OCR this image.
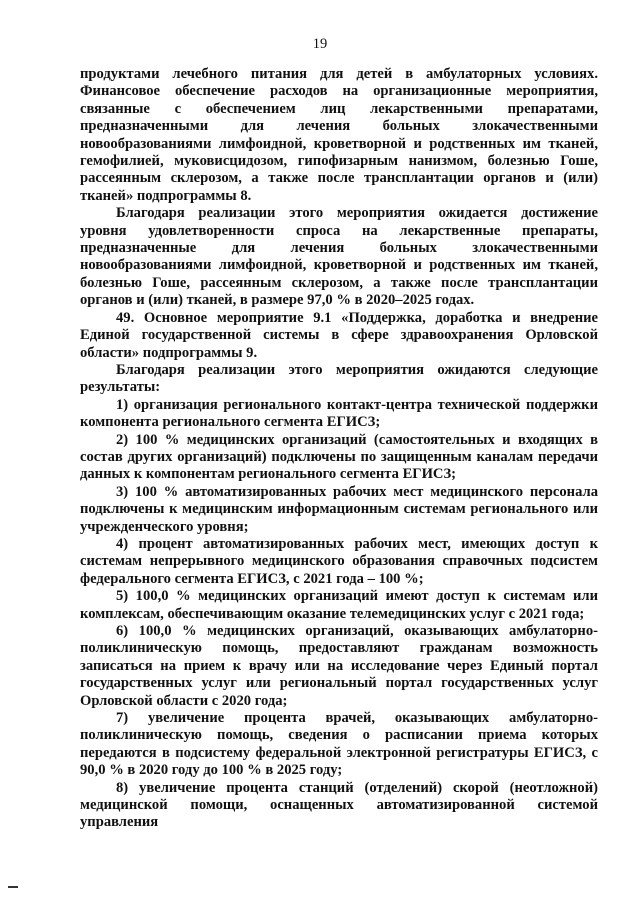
19

продуктами лечебного питания для детей в амбулаторных условиях. Финансовое обеспечение расходов на организационные мероприятия, связанные с обеспечением лиц лекарственными препаратами, предназначенными для лечения больных злокачественными новообразованиями лимфоидной, кроветворной и родственных им тканей, гемофилией, муковисцидозом, гипофизарным нанизмом, болезнью Гоше, рассеянным склерозом, а также после трансплантации органов и (или) тканей» подпрограммы 8.

Благодаря реализации этого мероприятия ожидается достижение уровня удовлетворенности спроса на лекарственные препараты, предназначенные для лечения больных злокачественными новообразованиями лимфоидной, кроветворной и родственных им тканей, болезнью Гоше, рассеянным склерозом, а также после трансплантации органов и (или) тканей, в размере 97,0 % в 2020–2025 годах.

49. Основное мероприятие 9.1 «Поддержка, доработка и внедрение Единой государственной системы в сфере здравоохранения Орловской области» подпрограммы 9.

Благодаря реализации этого мероприятия ожидаются следующие результаты:

1) организация регионального контакт-центра технической поддержки компонента регионального сегмента ЕГИСЗ;

2) 100 % медицинских организаций (самостоятельных и входящих в состав других организаций) подключены по защищенным каналам передачи данных к компонентам регионального сегмента ЕГИСЗ;

3) 100 % автоматизированных рабочих мест медицинского персонала подключены к медицинским информационным системам регионального или учрежденческого уровня;

4) процент автоматизированных рабочих мест, имеющих доступ к системам непрерывного медицинского образования справочных подсистем федерального сегмента ЕГИСЗ, с 2021 года – 100 %;

5) 100,0 % медицинских организаций имеют доступ к системам или комплексам, обеспечивающим оказание телемедицинских услуг с 2021 года;

6) 100,0 % медицинских организаций, оказывающих амбулаторно-поликлиническую помощь, предоставляют гражданам возможность записаться на прием к врачу или на исследование через Единый портал государственных услуг или региональный портал государственных услуг Орловской области с 2020 года;

7) увеличение процента врачей, оказывающих амбулаторно-поликлиническую помощь, сведения о расписании приема которых передаются в подсистему федеральной электронной регистратуры ЕГИСЗ, с 90,0 % в 2020 году до 100 % в 2025 году;

8) увеличение процента станций (отделений) скорой (неотложной) медицинской помощи, оснащенных автоматизированной системой управления
